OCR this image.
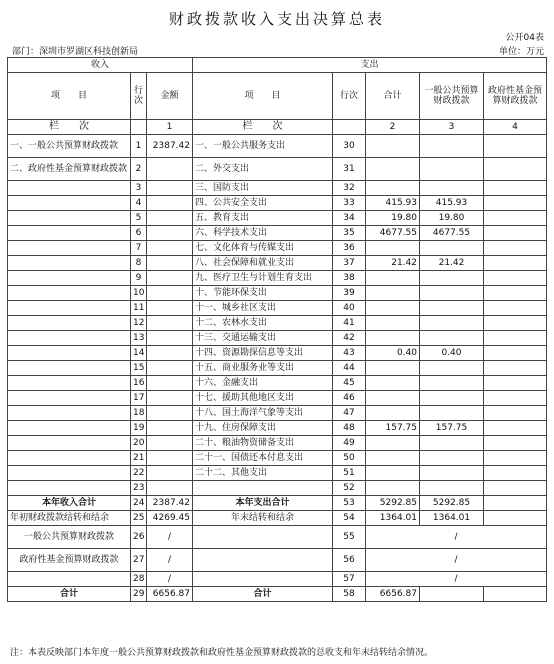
财政拨款收入支出决算总表
公开04表
部门：深圳市罗湖区科技创新局	单位：万元
收入			支出				
项　　目	行次	金额	项　　目	行次	合计	一般公共预算财政拨款	政府性基金预算财政拨款
栏　　次		1	栏　　次		2	3	4
一、一般公共预算财政拨款	1	2387.42	一、一般公共服务支出	30			
二、政府性基金预算财政拨款	2		二、外交支出	31			
	3		三、国防支出	32			
	4		四、公共安全支出	33	415.93	415.93	
	5		五、教育支出	34	19.80	19.80	
	6		六、科学技术支出	35	4677.55	4677.55	
	7		七、文化体育与传媒支出	36			
	8		八、社会保障和就业支出	37	21.42	21.42	
	9		九、医疗卫生与计划生育支出	38			
	10		十、节能环保支出	39			
	11		十一、城乡社区支出	40			
	12		十二、农林水支出	41			
	13		十三、交通运输支出	42			
	14		十四、资源勘探信息等支出	43	0.40	0.40	
	15		十五、商业服务业等支出	44			
	16		十六、金融支出	45			
	17		十七、援助其他地区支出	46			
	18		十八、国土海洋气象等支出	47			
	19		十九、住房保障支出	48	157.75	157.75	
	20		二十、粮油物资储备支出	49			
	21		二十一、国债还本付息支出	50			
	22		二十二、其他支出	51			
	23			52			
本年收入合计	24	2387.42	本年支出合计	53	5292.85	5292.85	
年初财政拨款结转和结余	25	4269.45	年末结转和结余	54	1364.01	1364.01	
一般公共预算财政拨款	26	/		55	/		
政府性基金预算财政拨款	27	/		56	/		
	28	/		57	/		
合计	29	6656.87	合计	58	6656.87		
注：本表反映部门本年度一般公共预算财政拨款和政府性基金预算财政拨款的总收支和年末结转结余情况。
